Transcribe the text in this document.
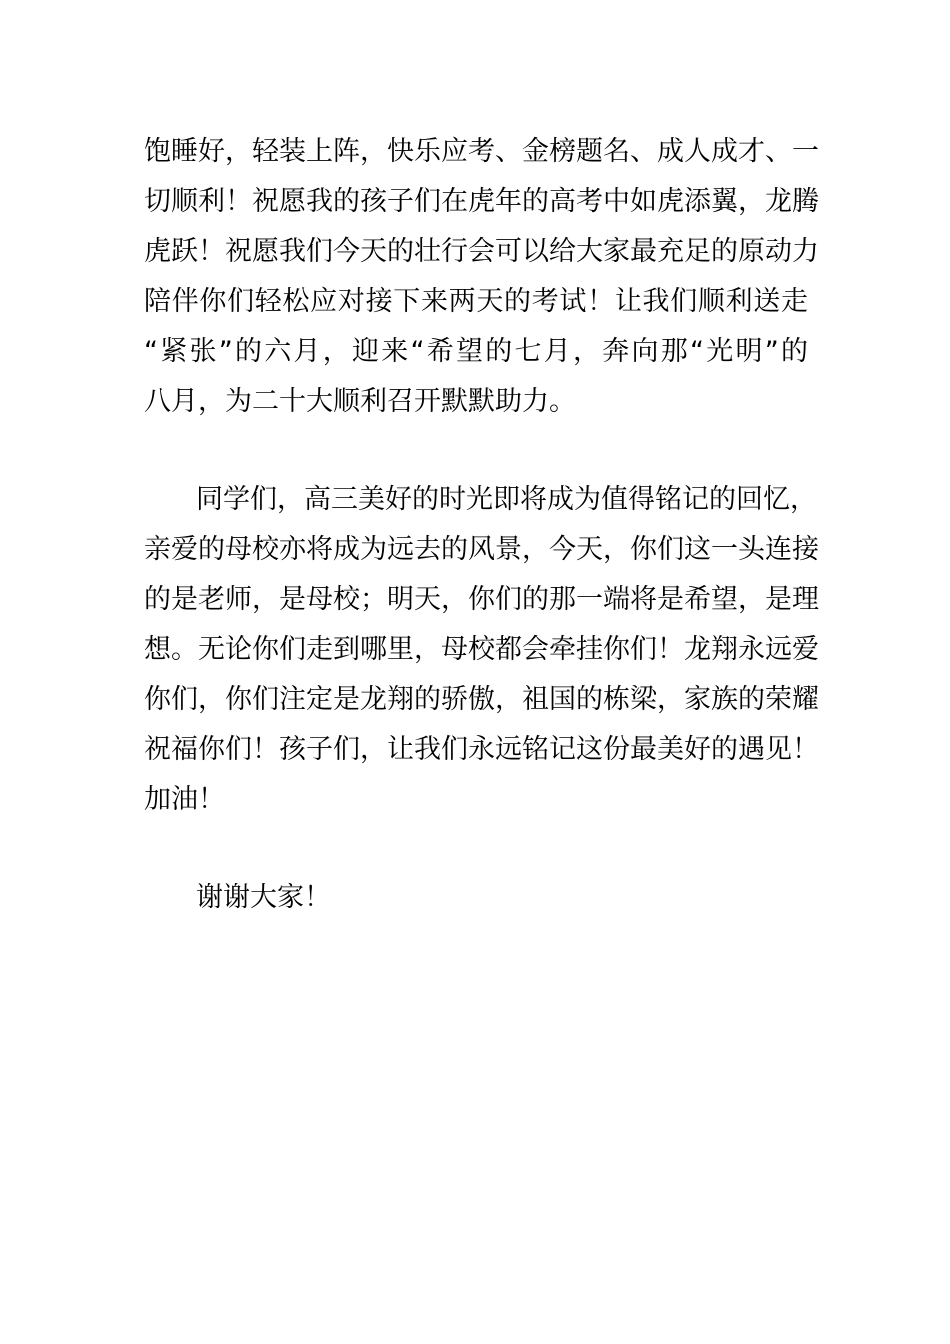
饱睡好，轻装上阵，快乐应考、金榜题名、成人成才、一
切顺利！祝愿我的孩子们在虎年的高考中如虎添翼，龙腾
虎跃！祝愿我们今天的壮行会可以给大家最充足的原动力
陪伴你们轻松应对接下来两天的考试！让我们顺利送走
“紧张”的六月，迎来“希望的七月，奔向那“光明”的
八月，为二十大顺利召开默默助力。
同学们，高三美好的时光即将成为值得铭记的回忆，
亲爱的母校亦将成为远去的风景，今天，你们这一头连接
的是老师，是母校；明天，你们的那一端将是希望，是理
想。无论你们走到哪里，母校都会牵挂你们！龙翔永远爱
你们，你们注定是龙翔的骄傲，祖国的栋梁，家族的荣耀
祝福你们！孩子们，让我们永远铭记这份最美好的遇见！
加油！
谢谢大家！
